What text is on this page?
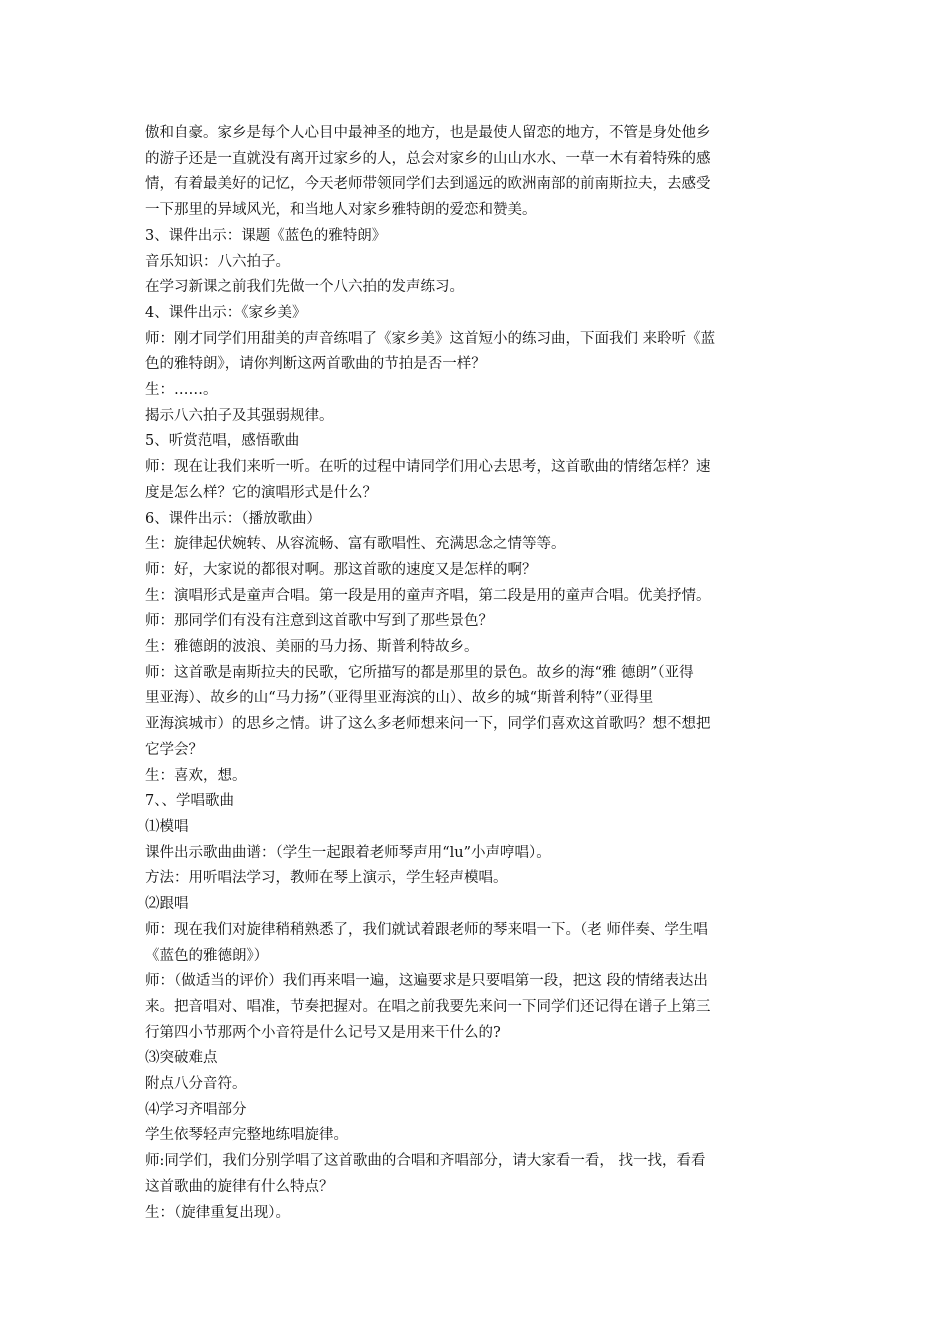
傲和自豪。家乡是每个人心目中最神圣的地方，也是最使人留恋的地方，不管是身处他乡
的游子还是一直就没有离开过家乡的人，总会对家乡的山山水水、一草一木有着特殊的感
情，有着最美好的记忆，今天老师带领同学们去到遥远的欧洲南部的前南斯拉夫，去感受
一下那里的异域风光，和当地人对家乡雅特朗的爱恋和赞美。
3、课件出示：课题《蓝色的雅特朗》
音乐知识：八六拍子。
在学习新课之前我们先做一个八六拍的发声练习。
4、课件出示：《家乡美》
师：刚才同学们用甜美的声音练唱了《家乡美》这首短小的练习曲，下面我们 来聆听《蓝
色的雅特朗》，请你判断这两首歌曲的节拍是否一样？
生：……。
揭示八六拍子及其强弱规律。
5、听赏范唱，感悟歌曲
师：现在让我们来听一听。在听的过程中请同学们用心去思考，这首歌曲的情绪怎样？速
度是怎么样？它的演唱形式是什么？
6、课件出示：（播放歌曲）
生：旋律起伏婉转、从容流畅、富有歌唱性、充满思念之情等等。
师：好，大家说的都很对啊。那这首歌的速度又是怎样的啊？
生：演唱形式是童声合唱。第一段是用的童声齐唱，第二段是用的童声合唱。优美抒情。
师：那同学们有没有注意到这首歌中写到了那些景色？
生：雅德朗的波浪、美丽的马力扬、斯普利特故乡。
师：这首歌是南斯拉夫的民歌，它所描写的都是那里的景色。故乡的海“雅 德朗”（亚得
里亚海）、故乡的山“马力扬”（亚得里亚海滨的山）、故乡的城“斯普利特”（亚得里
亚海滨城市）的思乡之情。讲了这么多老师想来问一下，同学们喜欢这首歌吗？想不想把
它学会？
生：喜欢，想。
7、、学唱歌曲
⑴模唱
课件出示歌曲曲谱：（学生一起跟着老师琴声用“lu”小声哼唱）。
方法：用听唱法学习，教师在琴上演示，学生轻声模唱。
⑵跟唱
师：现在我们对旋律稍稍熟悉了，我们就试着跟老师的琴来唱一下。（老 师伴奏、学生唱
《蓝色的雅德朗》）
师：（做适当的评价）我们再来唱一遍，这遍要求是只要唱第一段，把这 段的情绪表达出
来。把音唱对、唱准，节奏把握对。在唱之前我要先来问一下同学们还记得在谱子上第三
行第四小节那两个小音符是什么记号又是用来干什么的?
⑶突破难点
附点八分音符。
⑷学习齐唱部分
学生依琴轻声完整地练唱旋律。
师:同学们，我们分别学唱了这首歌曲的合唱和齐唱部分，请大家看一看， 找一找，看看
这首歌曲的旋律有什么特点？
生：（旋律重复出现）。
